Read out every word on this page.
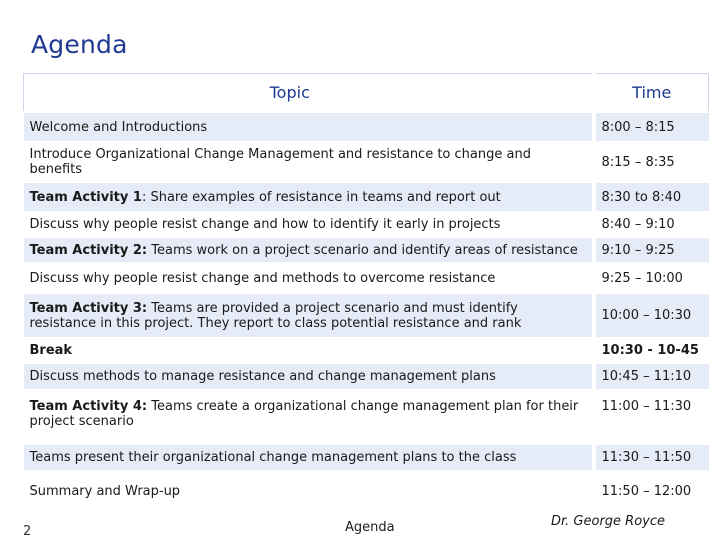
Agenda
Topic	Time
Welcome and Introductions	8:00 – 8:15
Introduce Organizational Change Management and resistance to change and benefits	8:15 – 8:35
Team Activity 1: Share examples of resistance in teams and report out	8:30 to 8:40
Discuss why people resist change and how to identify it early in projects	8:40 – 9:10
Team Activity 2: Teams work on a project scenario and identify areas of resistance	9:10 – 9:25
Discuss why people resist change and methods to overcome resistance	9:25 – 10:00
Team Activity 3: Teams are provided a project scenario and must identify resistance in this project. They report to class potential resistance and rank	10:00 – 10:30
Break	10:30 - 10-45
Discuss methods to manage resistance and change management plans	10:45 – 11:10
Team Activity 4: Teams create a organizational change management plan for their project scenario	11:00 – 11:30
Teams present their organizational change management plans to the class	11:30 – 11:50
Summary and Wrap-up	11:50 – 12:00
2	Agenda	Dr. George Royce
